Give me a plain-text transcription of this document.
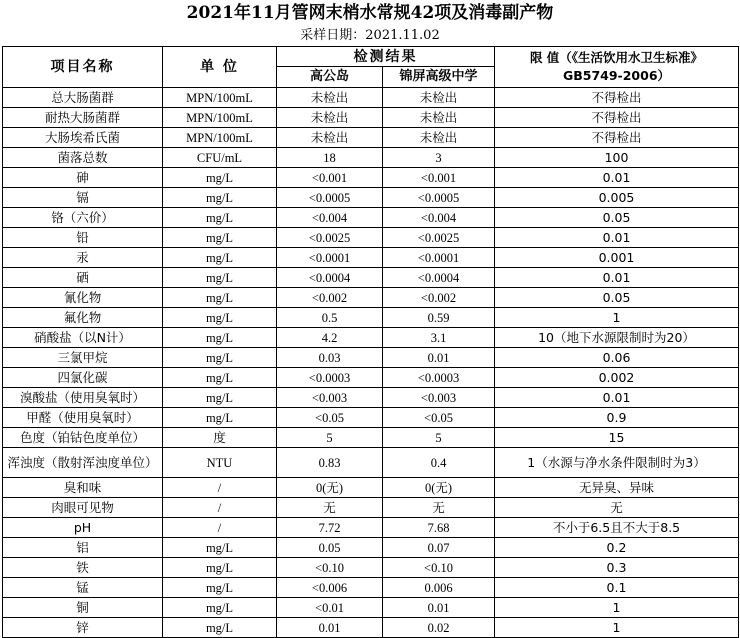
2021年11月管网末梢水常规42项及消毒副产物
采样日期：2021.11.02
项目名称	单 位	检测结果		限 值（《生活饮用水卫生标准》
GB5749-2006）
		高公岛	锦屏高级中学	
总大肠菌群	MPN/100mL	未检出	未检出	不得检出
耐热大肠菌群	MPN/100mL	未检出	未检出	不得检出
大肠埃希氏菌	MPN/100mL	未检出	未检出	不得检出
菌落总数	CFU/mL	18	3	100
砷	mg/L	<0.001	<0.001	0.01
镉	mg/L	<0.0005	<0.0005	0.005
铬（六价）	mg/L	<0.004	<0.004	0.05
铅	mg/L	<0.0025	<0.0025	0.01
汞	mg/L	<0.0001	<0.0001	0.001
硒	mg/L	<0.0004	<0.0004	0.01
氰化物	mg/L	<0.002	<0.002	0.05
氟化物	mg/L	0.5	0.59	1
硝酸盐（以N计）	mg/L	4.2	3.1	10（地下水源限制时为20）
三氯甲烷	mg/L	0.03	0.01	0.06
四氯化碳	mg/L	<0.0003	<0.0003	0.002
溴酸盐（使用臭氧时）	mg/L	<0.003	<0.003	0.01
甲醛（使用臭氧时）	mg/L	<0.05	<0.05	0.9
色度（铂钴色度单位）	度	5	5	15
浑浊度（散射浑浊度单位）	NTU	0.83	0.4	1（水源与净水条件限制时为3）
臭和味	/	0(无)	0(无)	无异臭、异味
肉眼可见物	/	无	无	无
pH	/	7.72	7.68	不小于6.5且不大于8.5
铝	mg/L	0.05	0.07	0.2
铁	mg/L	<0.10	<0.10	0.3
锰	mg/L	<0.006	0.006	0.1
铜	mg/L	<0.01	0.01	1
锌	mg/L	0.01	0.02	1
